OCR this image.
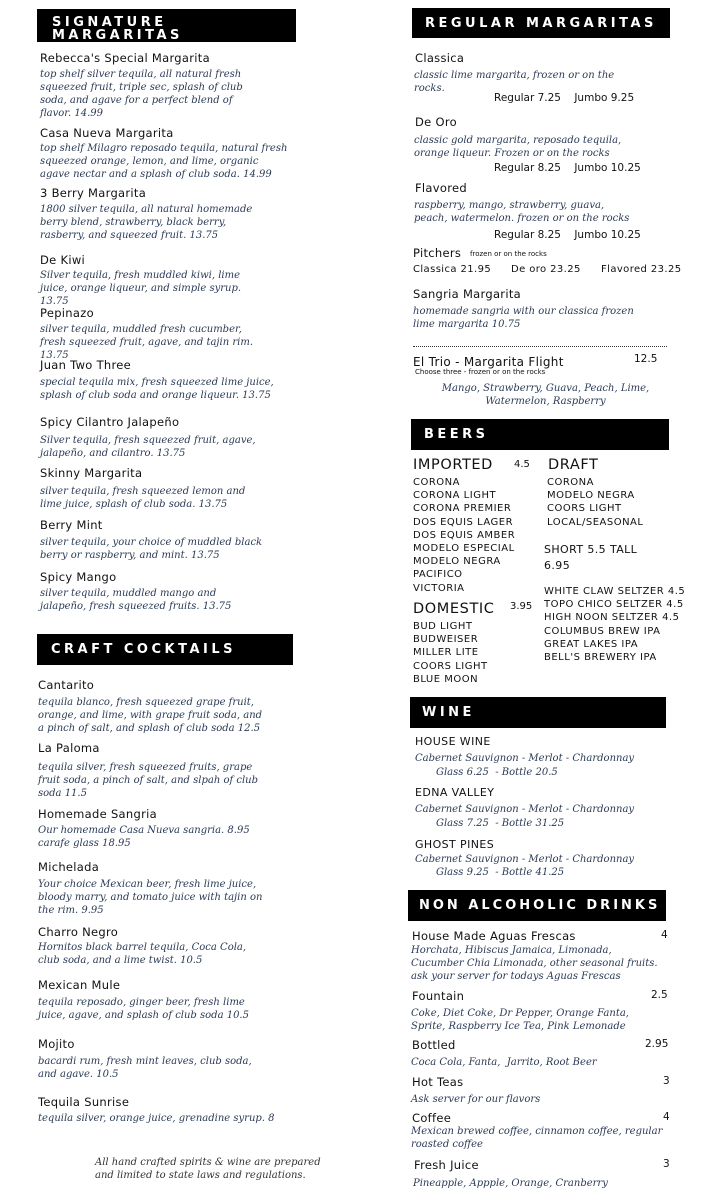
SIGNATURE
MARGARITAS
Rebecca's Special Margarita
top shelf silver tequila, all natural fresh squeezed fruit, triple sec, splash of club soda, and agave for a perfect blend of flavor. 14.99
Casa Nueva Margarita
top shelf Milagro reposado tequila, natural fresh squeezed orange, lemon, and lime, organic agave nectar and a splash of club soda. 14.99
3 Berry Margarita
1800 silver tequila, all natural homemade berry blend, strawberry, black berry, rasberry, and squeezed fruit. 13.75
De Kiwi
Silver tequila, fresh muddled kiwi, lime juice, orange liqueur, and simple syrup. 13.75
Pepinazo
silver tequila, muddled fresh cucumber, fresh squeezed fruit, agave, and tajin rim. 13.75
Juan Two Three
special tequila mix, fresh squeezed lime juice, splash of club soda and orange liqueur. 13.75
Spicy Cilantro Jalapeño
Silver tequila, fresh squeezed fruit, agave, jalapeño, and cilantro. 13.75
Skinny Margarita
silver tequila, fresh squeezed lemon and lime juice, splash of club soda. 13.75
Berry Mint
silver tequila, your choice of muddled black berry or raspberry, and mint. 13.75
Spicy Mango
silver tequila, muddled mango and jalapeño, fresh squeezed fruits. 13.75
CRAFT COCKTAILS
Cantarito
tequila blanco, fresh squeezed grape fruit, orange, and lime, with grape fruit soda, and a pinch of salt, and splash of club soda 12.5
La Paloma
tequila silver, fresh squeezed fruits, grape fruit soda, a pinch of salt, and slpah of club soda 11.5
Homemade Sangria
Our homemade Casa Nueva sangria. 8.95 carafe glass 18.95
Michelada
Your choice Mexican beer, fresh lime juice, bloody marry, and tomato juice with tajin on the rim. 9.95
Charro Negro
Hornitos black barrel tequila, Coca Cola, club soda, and a lime twist. 10.5
Mexican Mule
tequila reposado, ginger beer, fresh lime juice, agave, and splash of club soda 10.5
Mojito
bacardi rum, fresh mint leaves, club soda, and agave. 10.5
Tequila Sunrise
tequila silver, orange juice, grenadine syrup. 8
All hand crafted spirits & wine are prepared and limited to state laws and regulations.
REGULAR MARGARITAS
Classica
classic lime margarita, frozen or on the rocks.
Regular 7.25    Jumbo 9.25
De Oro
classic gold margarita, reposado tequila, orange liqueur. Frozen or on the rocks
Regular 8.25    Jumbo 10.25
Flavored
raspberry, mango, strawberry, guava, peach, watermelon. frozen or on the rocks
Regular 8.25    Jumbo 10.25
Pitchers frozen or on the rocks
Classica 21.95 De oro 23.25 Flavored 23.25
Sangria Margarita
homemade sangria with our classica frozen lime margarita 10.75
El Trio - Margarita Flight	12.5
Choose three - frozen or on the rocks
Mango, Strawberry, Guava, Peach, Lime, Watermelon, Raspberry
BEERS
IMPORTED 4.5
CORONA
CORONA LIGHT
CORONA PREMIER
DOS EQUIS LAGER
DOS EQUIS AMBER
MODELO ESPECIAL
MODELO NEGRA
PACIFICO
VICTORIA
DRAFT
CORONA
MODELO NEGRA
COORS LIGHT
LOCAL/SEASONAL
SHORT 5.5 TALL
6.95
DOMESTIC 3.95
BUD LIGHT
BUDWEISER
MILLER LITE
COORS LIGHT
BLUE MOON
WHITE CLAW SELTZER 4.5
TOPO CHICO SELTZER 4.5
HIGH NOON SELTZER 4.5
COLUMBUS BREW IPA
GREAT LAKES IPA
BELL'S BREWERY IPA
WINE
HOUSE WINE
Cabernet Sauvignon - Merlot - Chardonnay
Glass 6.25  - Bottle 20.5
EDNA VALLEY
Cabernet Sauvignon - Merlot - Chardonnay
Glass 7.25  - Bottle 31.25
GHOST PINES
Cabernet Sauvignon - Merlot - Chardonnay
Glass 9.25  - Bottle 41.25
NON ALCOHOLIC DRINKS
House Made Aguas Frescas	4
Horchata, Hibiscus Jamaica, Limonada, Cucumber Chia Limonada, other seasonal fruits. ask your server for todays Aguas Frescas
Fountain	2.5
Coke, Diet Coke, Dr Pepper, Orange Fanta, Sprite, Raspberry Ice Tea, Pink Lemonade
Bottled	2.95
Coca Cola, Fanta,  Jarrito, Root Beer
Hot Teas	3
Ask server for our flavors
Coffee	4
Mexican brewed coffee, cinnamon coffee, regular roasted coffee
Fresh Juice	3
Pineapple, Appple, Orange, Cranberry
